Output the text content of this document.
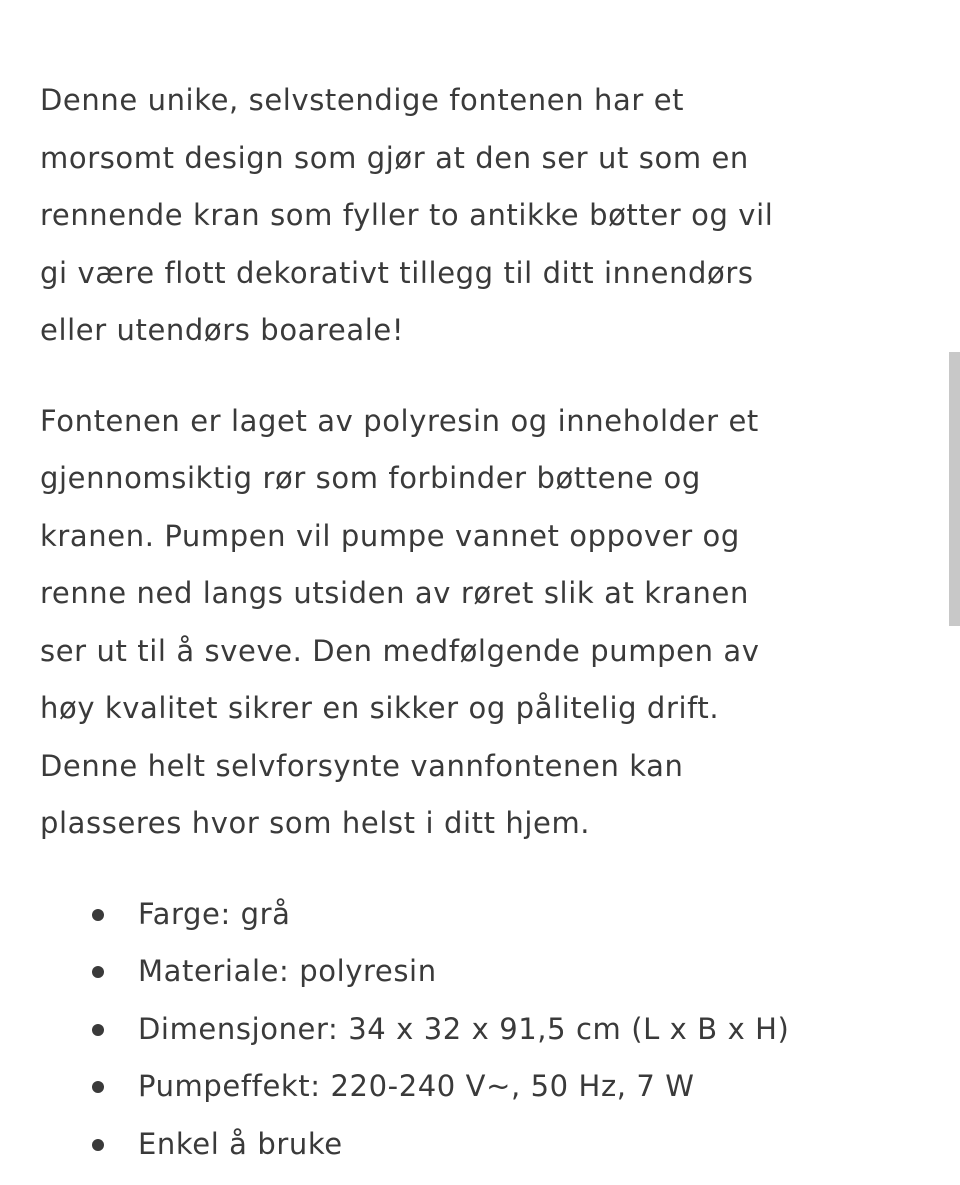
Denne unike, selvstendige fontenen har et
morsomt design som gjør at den ser ut som en
rennende kran som fyller to antikke bøtter og vil
gi være flott dekorativt tillegg til ditt innendørs
eller utendørs boareale!

Fontenen er laget av polyresin og inneholder et
gjennomsiktig rør som forbinder bøttene og
kranen. Pumpen vil pumpe vannet oppover og
renne ned langs utsiden av røret slik at kranen
ser ut til å sveve. Den medfølgende pumpen av
høy kvalitet sikrer en sikker og pålitelig drift.
Denne helt selvforsynte vannfontenen kan
plasseres hvor som helst i ditt hjem.

Farge: grå
Materiale: polyresin
Dimensjoner: 34 x 32 x 91,5 cm (L x B x H)
Pumpeffekt: 220-240 V~, 50 Hz, 7 W
Enkel å bruke
